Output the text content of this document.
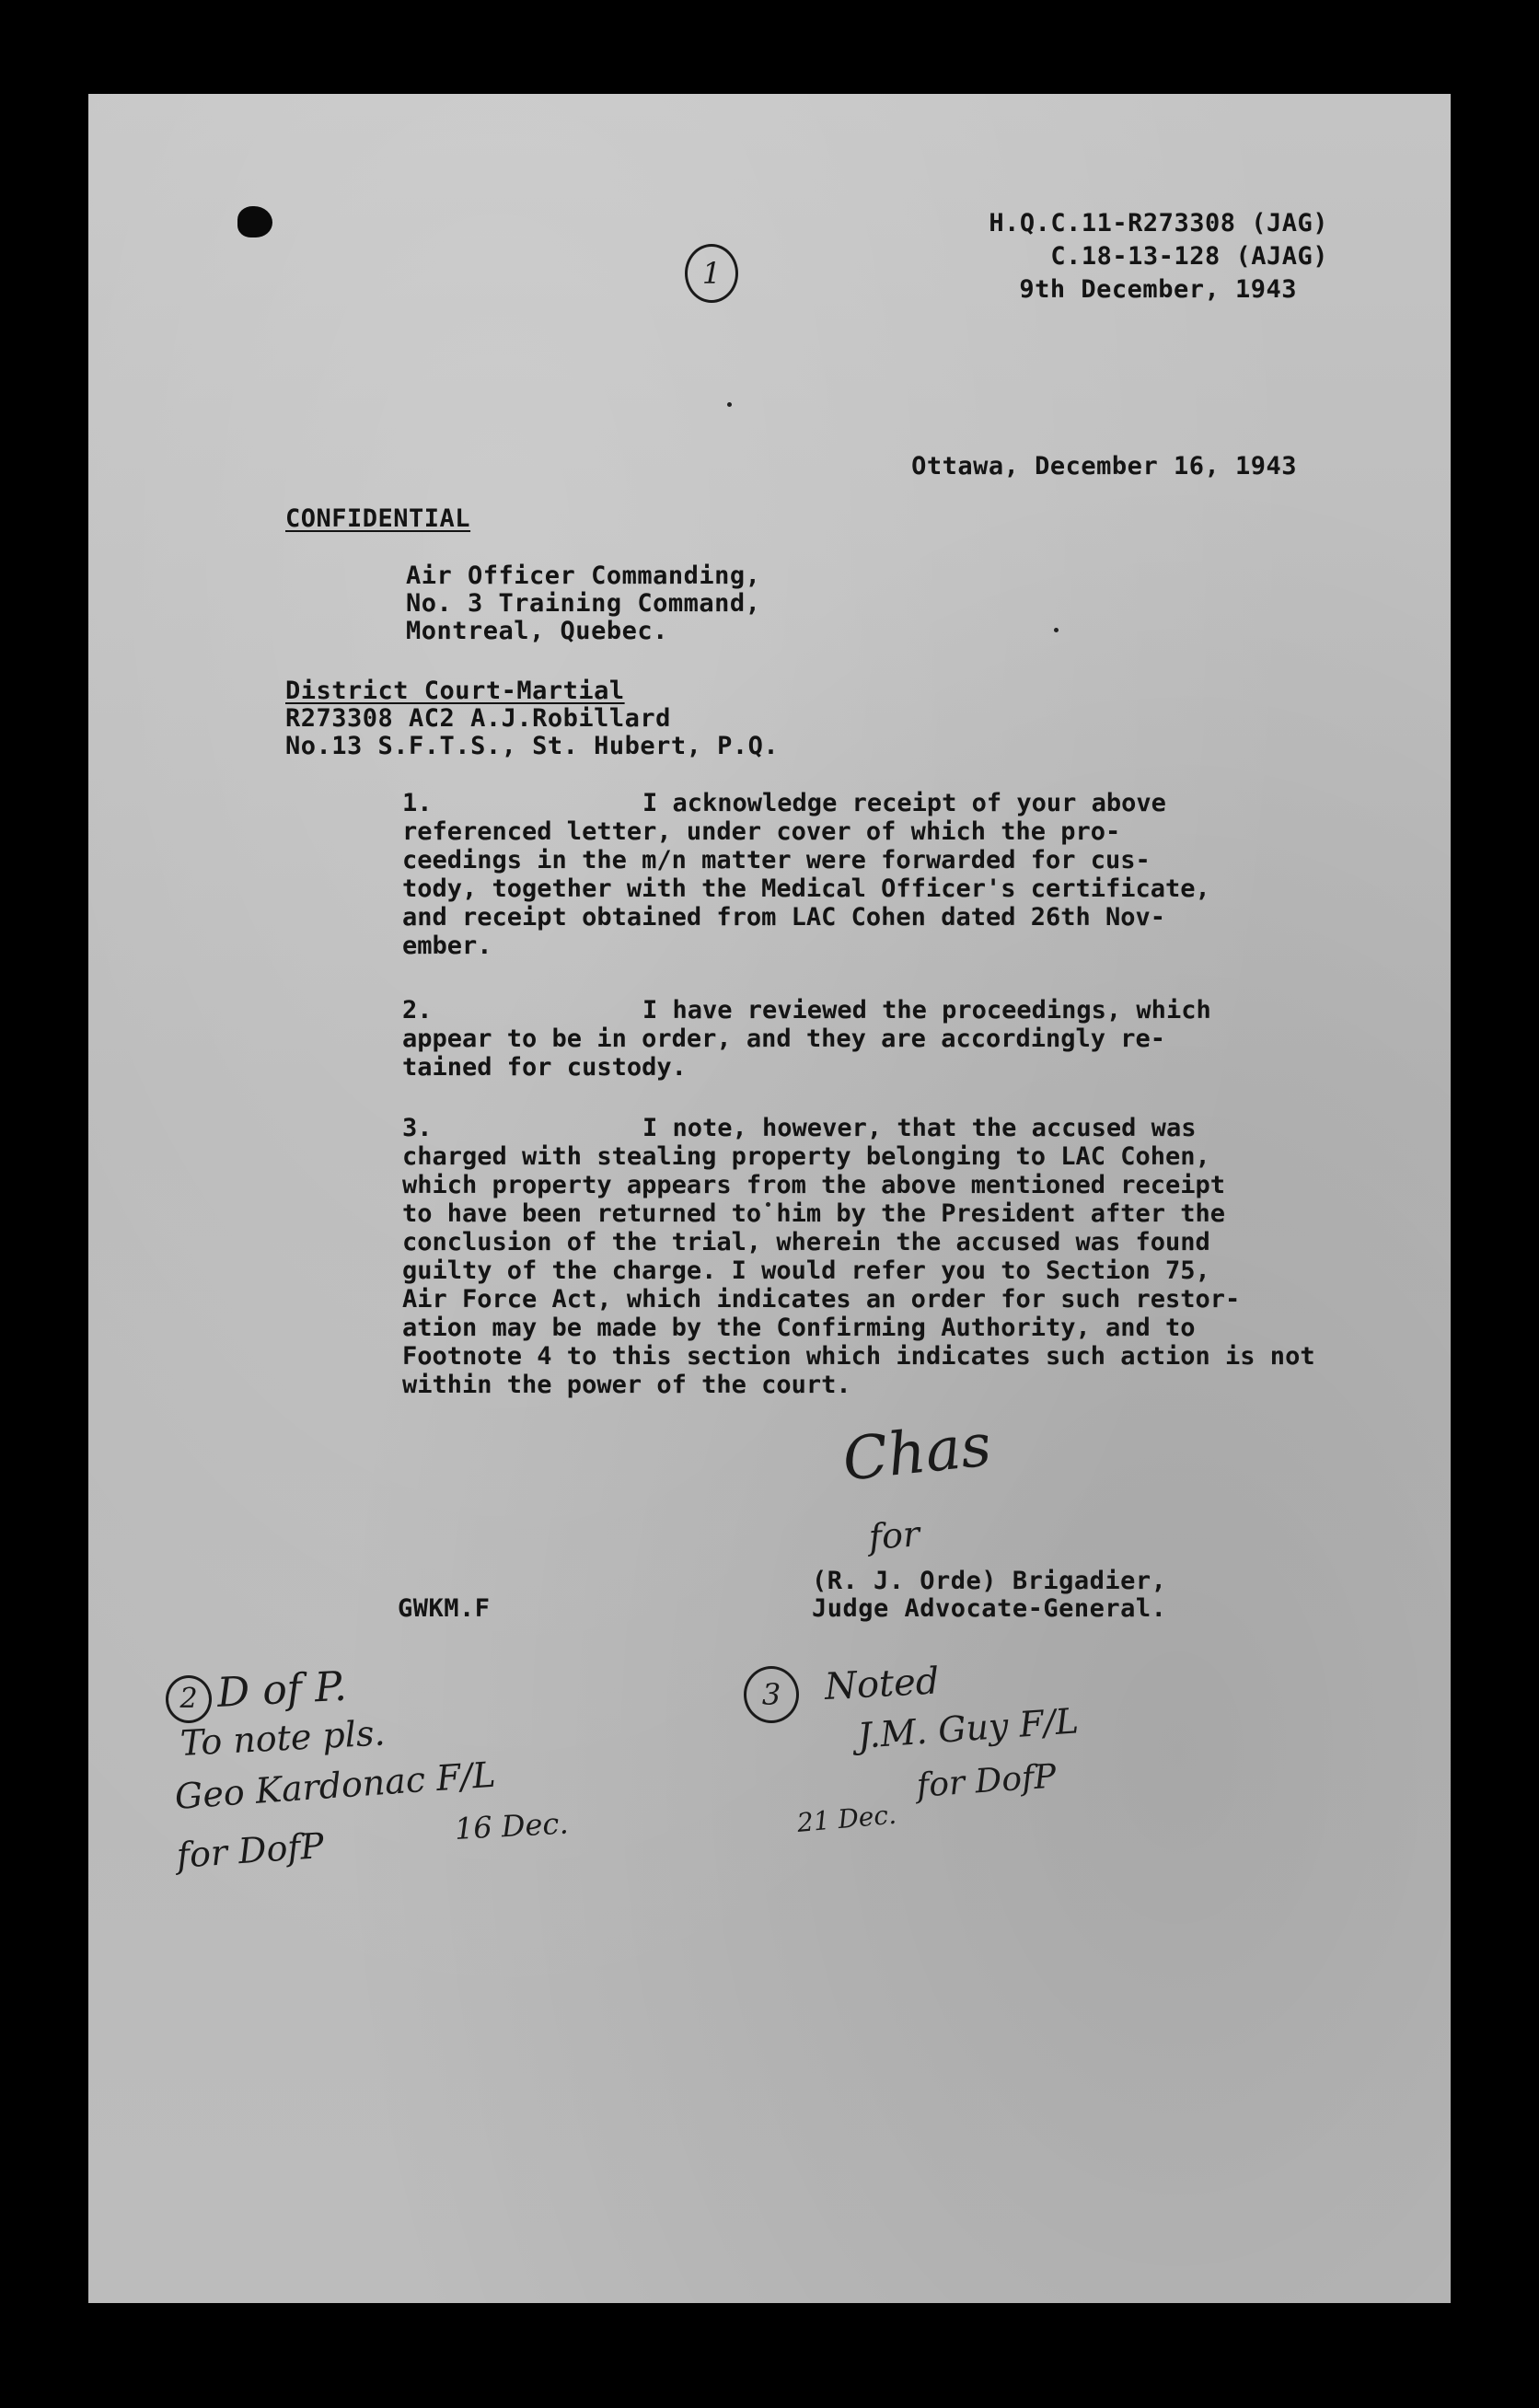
1
H.Q.C.11-R273308 (JAG)
C.18-13-128 (AJAG)
9th December, 1943
Ottawa, December 16, 1943
CONFIDENTIAL
Air Officer Commanding,
No. 3 Training Command,
Montreal, Quebec.
District Court-Martial
R273308 AC2 A.J.Robillard
No.13 S.F.T.S., St. Hubert, P.Q.
1.	I acknowledge receipt of your above
referenced letter, under cover of which the pro-
ceedings in the m/n matter were forwarded for cus-
tody, together with the Medical Officer's certificate,
and receipt obtained from LAC Cohen dated 26th Nov-
ember.
2.	I have reviewed the proceedings, which
appear to be in order, and they are accordingly re-
tained for custody.
3.	I note, however, that the accused was
charged with stealing property belonging to LAC Cohen,
which property appears from the above mentioned receipt
to have been returned to him by the President after the
conclusion of the trial, wherein the accused was found
guilty of the charge. I would refer you to Section 75,
Air Force Act, which indicates an order for such restor-
ation may be made by the Confirming Authority, and to
Footnote 4 to this section which indicates such action is not
within the power of the court.
Chas
for
(R. J. Orde) Brigadier,
Judge Advocate-General.
GWKM.F
2 D of P.
To note pls.
Geo Kardonac F/L
for DofP	16 Dec.
3	Noted
J.M. Guy F/L
for DofP
21 Dec.
